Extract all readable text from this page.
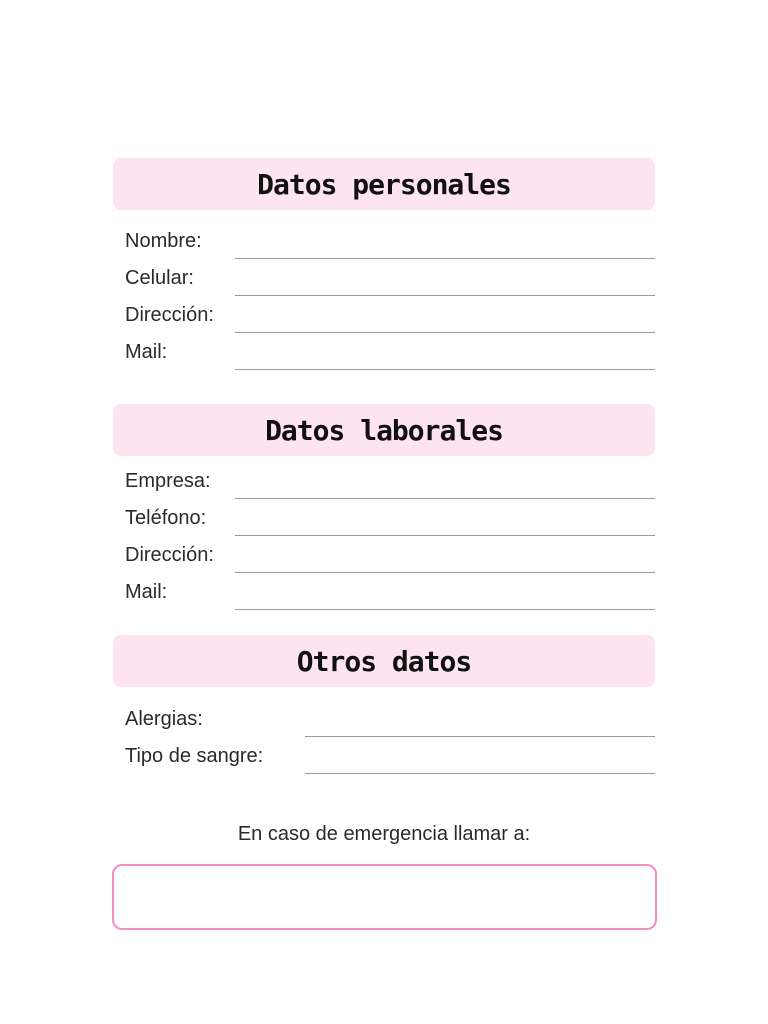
Datos personales
Nombre:
Celular:
Dirección:
Mail:
Datos laborales
Empresa:
Teléfono:
Dirección:
Mail:
Otros datos
Alergias:
Tipo de sangre:
En caso de emergencia llamar a:
